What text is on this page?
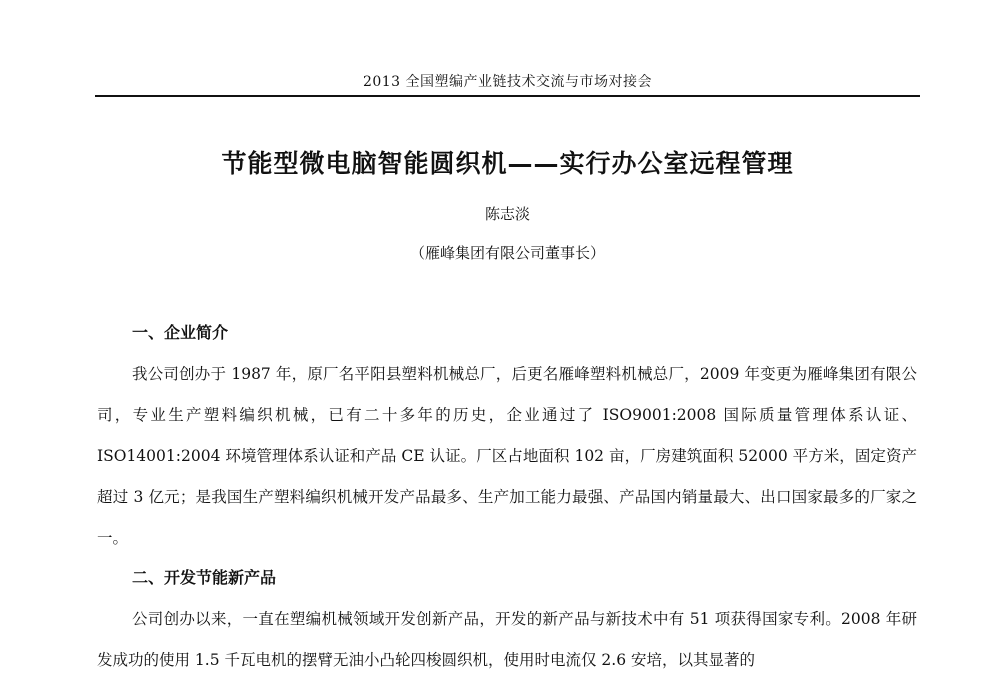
2013 全国塑编产业链技术交流与市场对接会
节能型微电脑智能圆织机——实行办公室远程管理
陈志淡
（雁峰集团有限公司董事长）
一、企业简介

我公司创办于 1987 年，原厂名平阳县塑料机械总厂，后更名雁峰塑料机械总厂，2009 年变更为雁峰集团有限公司，专业生产塑料编织机械，已有二十多年的历史，企业通过了 ISO9001:2008 国际质量管理体系认证、ISO14001:2004 环境管理体系认证和产品 CE 认证。厂区占地面积 102 亩，厂房建筑面积 52000 平方米，固定资产超过 3 亿元；是我国生产塑料编织机械开发产品最多、生产加工能力最强、产品国内销量最大、出口国家最多的厂家之一。

二、开发节能新产品

公司创办以来，一直在塑编机械领域开发创新产品，开发的新产品与新技术中有 51 项获得国家专利。2008 年研发成功的使用 1.5 千瓦电机的摆臂无油小凸轮四梭圆织机，使用时电流仅 2.6 安培，以其显著的
